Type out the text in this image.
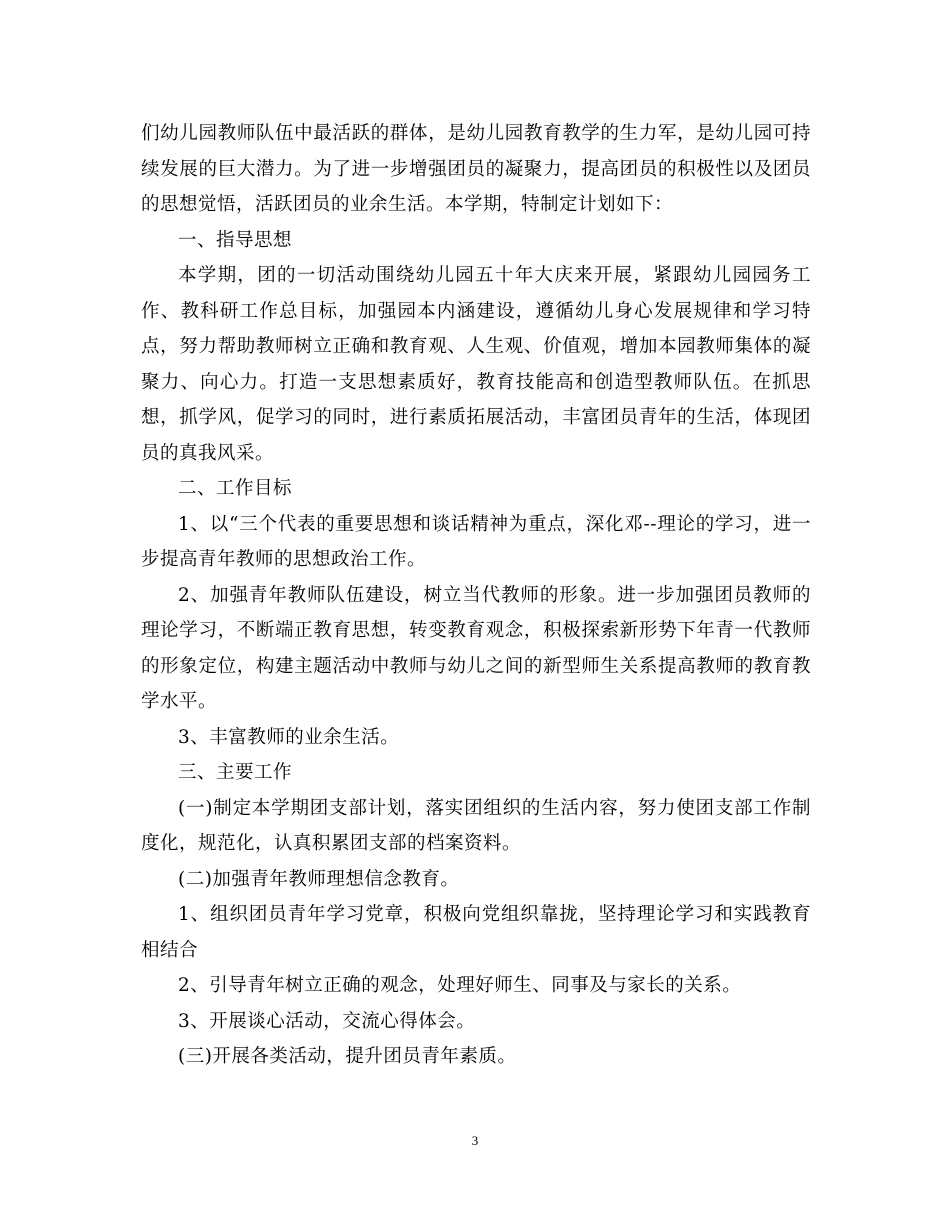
们幼儿园教师队伍中最活跃的群体，是幼儿园教育教学的生力军，是幼儿园可持续发展的巨大潜力。为了进一步增强团员的凝聚力，提高团员的积极性以及团员的思想觉悟，活跃团员的业余生活。本学期，特制定计划如下：

一、指导思想

本学期，团的一切活动围绕幼儿园五十年大庆来开展，紧跟幼儿园园务工作、教科研工作总目标，加强园本内涵建设，遵循幼儿身心发展规律和学习特点，努力帮助教师树立正确和教育观、人生观、价值观，增加本园教师集体的凝聚力、向心力。打造一支思想素质好，教育技能高和创造型教师队伍。在抓思想，抓学风，促学习的同时，进行素质拓展活动，丰富团员青年的生活，体现团员的真我风采。

二、工作目标

1、以“三个代表的重要思想和谈话精神为重点，深化邓--理论的学习，进一步提高青年教师的思想政治工作。

2、加强青年教师队伍建设，树立当代教师的形象。进一步加强团员教师的理论学习，不断端正教育思想，转变教育观念，积极探索新形势下年青一代教师的形象定位，构建主题活动中教师与幼儿之间的新型师生关系提高教师的教育教学水平。

3、丰富教师的业余生活。

三、主要工作

(一)制定本学期团支部计划，落实团组织的生活内容，努力使团支部工作制度化，规范化，认真积累团支部的档案资料。

(二)加强青年教师理想信念教育。

1、组织团员青年学习党章，积极向党组织靠拢，坚持理论学习和实践教育相结合

2、引导青年树立正确的观念，处理好师生、同事及与家长的关系。

3、开展谈心活动，交流心得体会。

(三)开展各类活动，提升团员青年素质。

3
